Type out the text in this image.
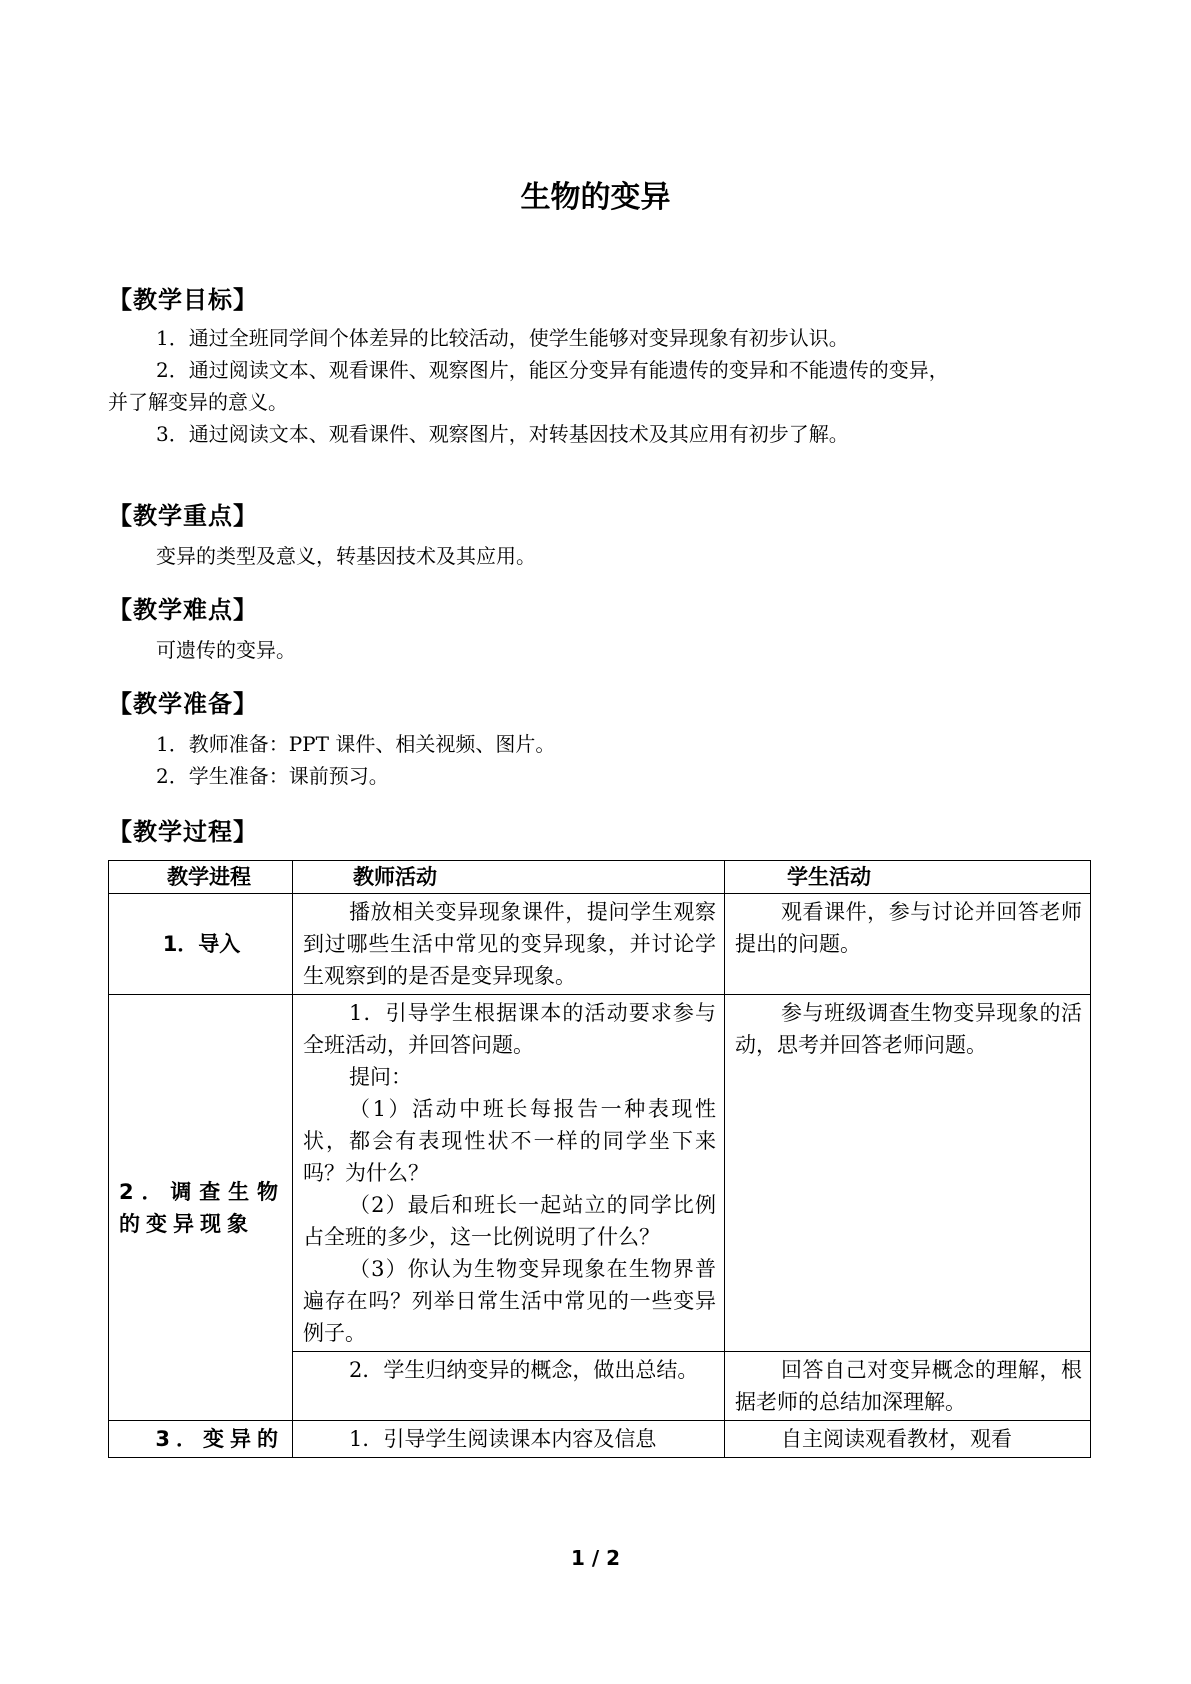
生物的变异
【教学目标】
1．通过全班同学间个体差异的比较活动，使学生能够对变异现象有初步认识。
2．通过阅读文本、观看课件、观察图片，能区分变异有能遗传的变异和不能遗传的变异，
并了解变异的意义。
3．通过阅读文本、观看课件、观察图片，对转基因技术及其应用有初步了解。
【教学重点】
变异的类型及意义，转基因技术及其应用。
【教学难点】
可遗传的变异。
【教学准备】
1．教师准备：PPT 课件、相关视频、图片。
2．学生准备：课前预习。
【教学过程】
教学进程	教师活动	学生活动
1．导入	播放相关变异现象课件，提问学生观察到过哪些生活中常见的变异现象，并讨论学生观察到的是否是变异现象。	观看课件，参与讨论并回答老师提出的问题。

2．调查生物的变异现象	1．引导学生根据课本的活动要求参与全班活动，并回答问题。
提问：
（1）活动中班长每报告一种表现性状，都会有表现性状不一样的同学坐下来吗？为什么？
（2）最后和班长一起站立的同学比例占全班的多少，这一比例说明了什么？
（3）你认为生物变异现象在生物界普遍存在吗？列举日常生活中常见的一些变异例子。	参与班级调查生物变异现象的活动，思考并回答老师问题。

	2．学生归纳变异的概念，做出总结。	回答自己对变异概念的理解，根据老师的总结加深理解。

3．变异的	1．引导学生阅读课本内容及信息	自主阅读观看教材，观看
1 / 2
